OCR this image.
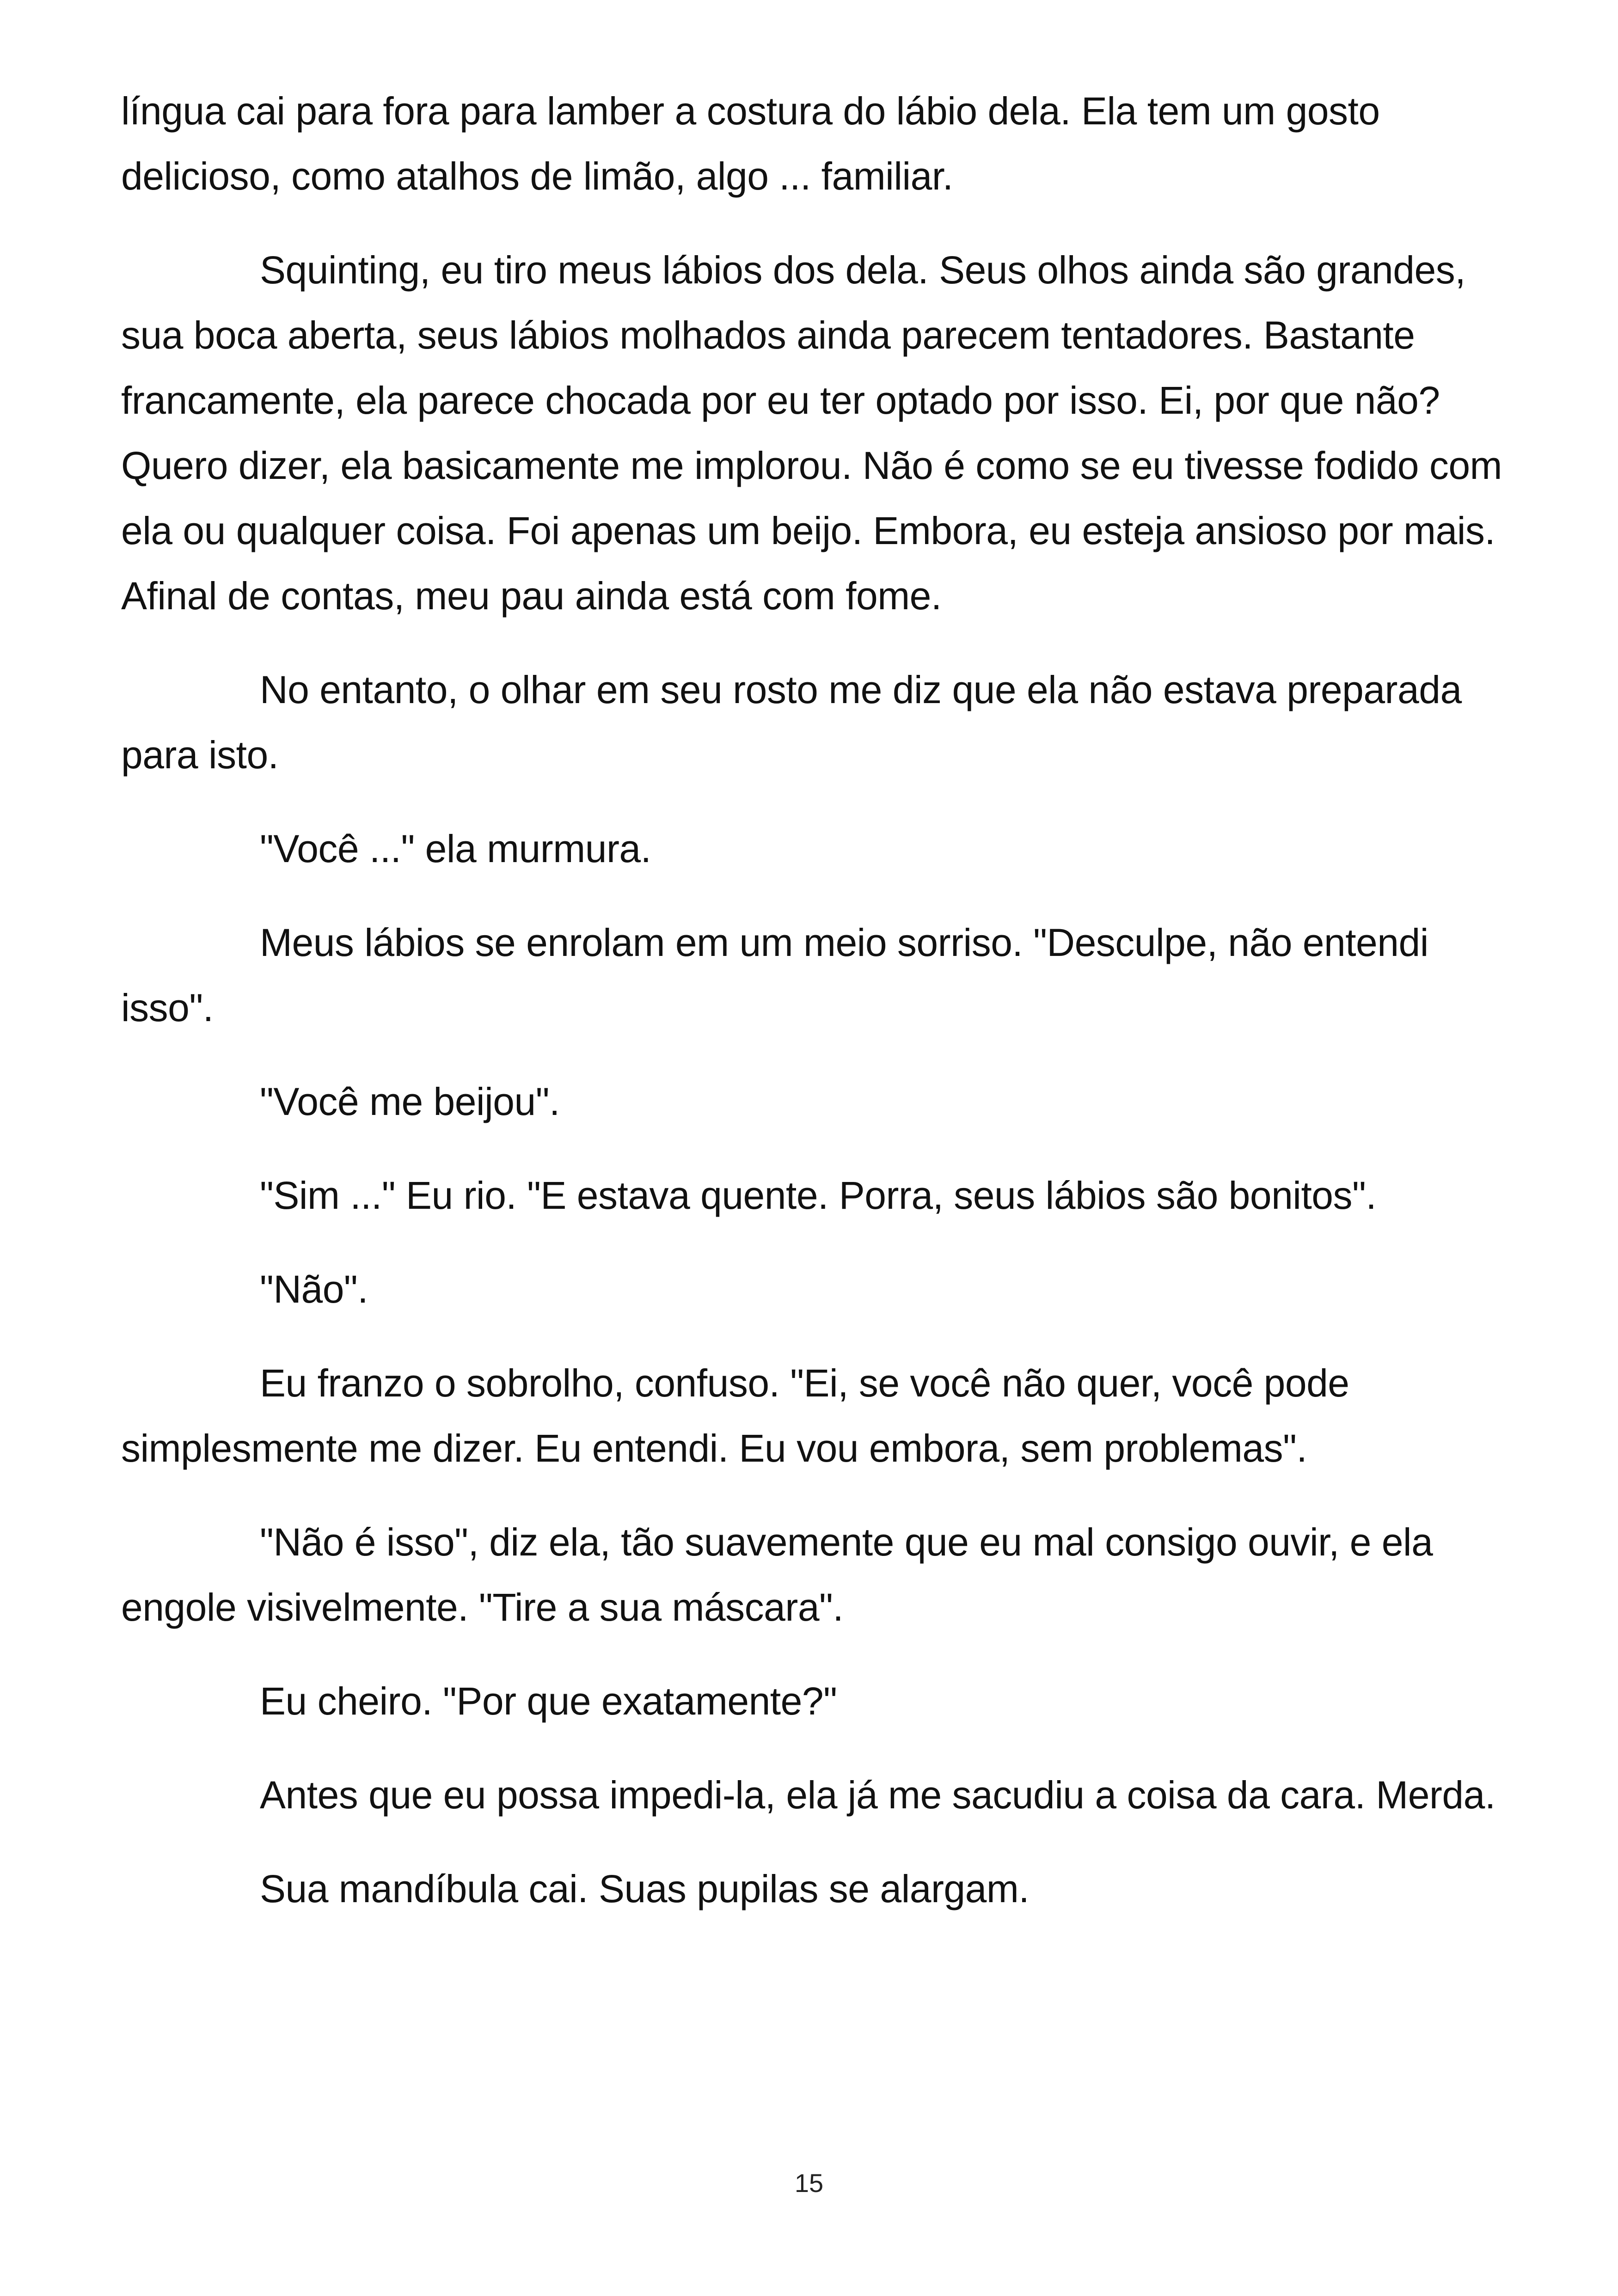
língua cai para fora para lamber a costura do lábio dela. Ela tem um gosto delicioso, como atalhos de limão, algo ... familiar.

Squinting, eu tiro meus lábios dos dela. Seus olhos ainda são grandes, sua boca aberta, seus lábios molhados ainda parecem tentadores. Bastante francamente, ela parece chocada por eu ter optado por isso. Ei, por que não? Quero dizer, ela basicamente me implorou. Não é como se eu tivesse fodido com ela ou qualquer coisa. Foi apenas um beijo. Embora, eu esteja ansioso por mais. Afinal de contas, meu pau ainda está com fome.

No entanto, o olhar em seu rosto me diz que ela não estava preparada para isto.

"Você ..." ela murmura.

Meus lábios se enrolam em um meio sorriso. "Desculpe, não entendi isso".

"Você me beijou".

"Sim ..." Eu rio. "E estava quente. Porra, seus lábios são bonitos".

"Não".

Eu franzo o sobrolho, confuso. "Ei, se você não quer, você pode simplesmente me dizer. Eu entendi. Eu vou embora, sem problemas".

"Não é isso", diz ela, tão suavemente que eu mal consigo ouvir, e ela engole visivelmente. "Tire a sua máscara".

Eu cheiro. "Por que exatamente?"

Antes que eu possa impedi-la, ela já me sacudiu a coisa da cara. Merda.

Sua mandíbula cai. Suas pupilas se alargam.

15
